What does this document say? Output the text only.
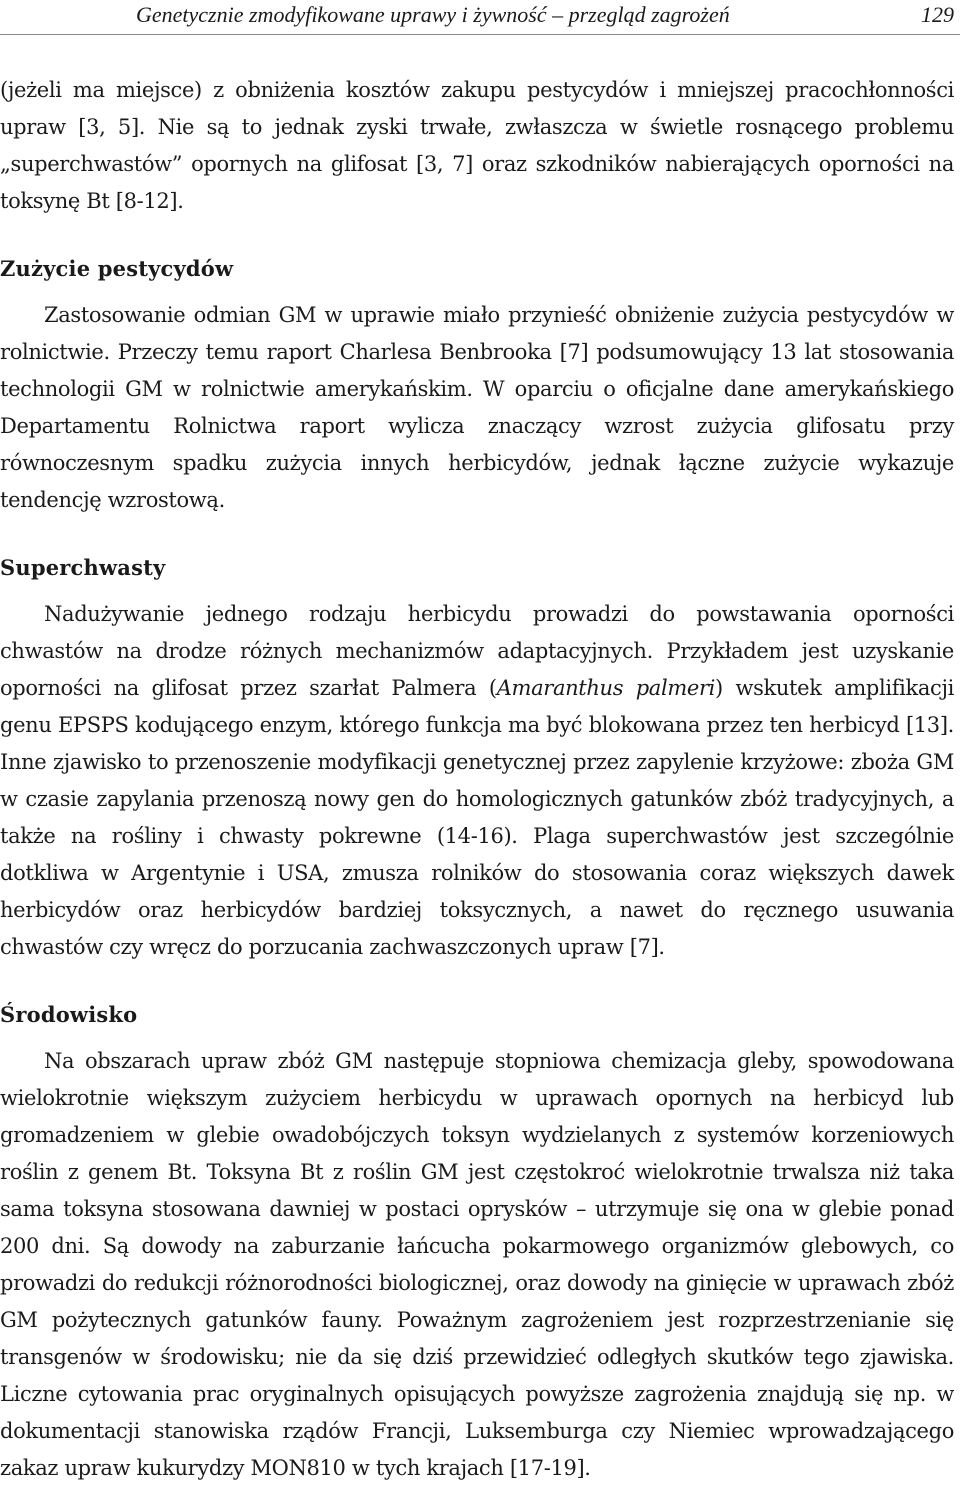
Genetycznie zmodyfikowane uprawy i żywność – przegląd zagrożeń	129

(jeżeli ma miejsce) z obniżenia kosztów zakupu pestycydów i mniejszej pracochłonności upraw [3, 5]. Nie są to jednak zyski trwałe, zwłaszcza w świetle rosnącego problemu „superchwastów” opornych na glifosat [3, 7] oraz szkodników nabierających oporności na toksynę Bt [8-12].

Zużycie pestycydów

Zastosowanie odmian GM w uprawie miało przynieść obniżenie zużycia pestycydów w rolnictwie. Przeczy temu raport Charlesa Benbrooka [7] podsumowujący 13 lat stosowania technologii GM w rolnictwie amerykańskim. W oparciu o oficjalne dane amerykańskiego Departamentu Rolnictwa raport wylicza znaczący wzrost zużycia glifosatu przy równoczesnym spadku zużycia innych herbicydów, jednak łączne zużycie wykazuje tendencję wzrostową.

Superchwasty

Nadużywanie jednego rodzaju herbicydu prowadzi do powstawania oporności chwastów na drodze różnych mechanizmów adaptacyjnych. Przykładem jest uzyskanie oporności na glifosat przez szarłat Palmera (Amaranthus palmeri) wskutek amplifikacji genu EPSPS kodującego enzym, którego funkcja ma być blokowana przez ten herbicyd [13]. Inne zjawisko to przenoszenie modyfikacji genetycznej przez zapylenie krzyżowe: zboża GM w czasie zapylania przenoszą nowy gen do homologicznych gatunków zbóż tradycyjnych, a także na rośliny i chwasty pokrewne (14-16). Plaga superchwastów jest szczególnie dotkliwa w Argentynie i USA, zmusza rolników do stosowania coraz większych dawek herbicydów oraz herbicydów bardziej toksycznych, a nawet do ręcznego usuwania chwastów czy wręcz do porzucania zachwaszczonych upraw [7].

Środowisko

Na obszarach upraw zbóż GM następuje stopniowa chemizacja gleby, spowodowana wielokrotnie większym zużyciem herbicydu w uprawach opornych na herbicyd lub gromadzeniem w glebie owadobójczych toksyn wydzielanych z systemów korzeniowych roślin z genem Bt. Toksyna Bt z roślin GM jest częstokroć wielokrotnie trwalsza niż taka sama toksyna stosowana dawniej w postaci oprysków – utrzymuje się ona w glebie ponad 200 dni. Są dowody na zaburzanie łańcucha pokarmowego organizmów glebowych, co prowadzi do redukcji różnorodności biologicznej, oraz dowody na ginięcie w uprawach zbóż GM pożytecznych gatunków fauny. Poważnym zagrożeniem jest rozprzestrzenianie się transgenów w środowisku; nie da się dziś przewidzieć odległych skutków tego zjawiska. Liczne cytowania prac oryginalnych opisujących powyższe zagrożenia znajdują się np. w dokumentacji stanowiska rządów Francji, Luksemburga czy Niemiec wprowadzającego zakaz upraw kukurydzy MON810 w tych krajach [17-19].
